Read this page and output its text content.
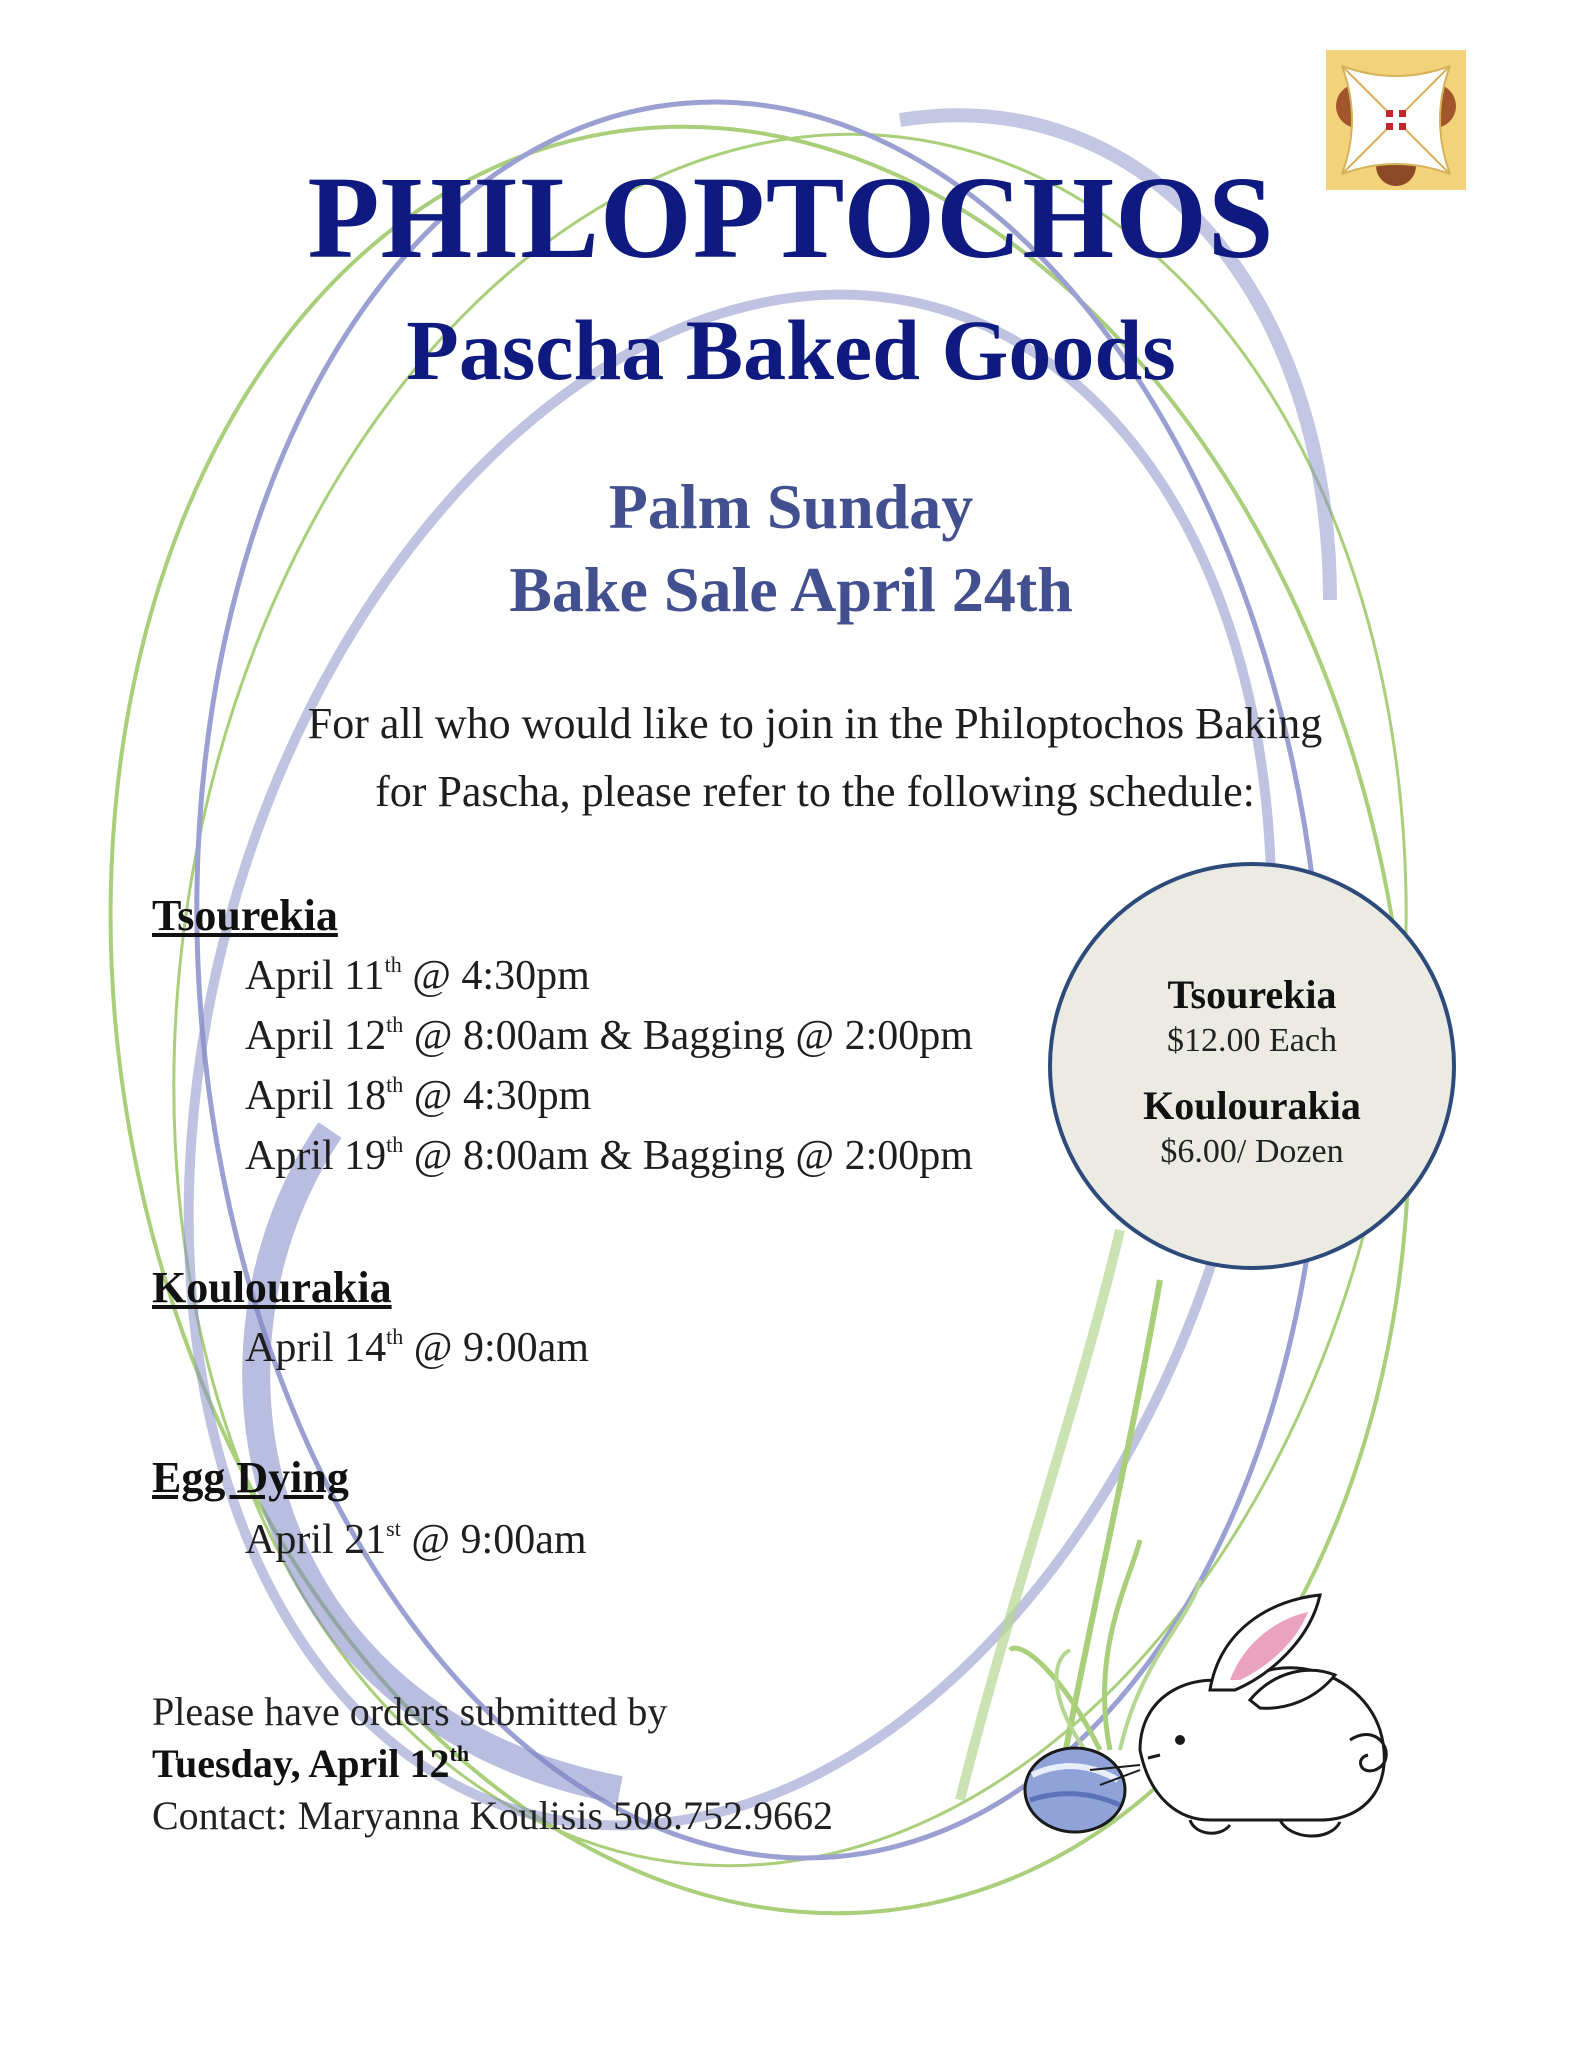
PHILOPTOCHOS
Pascha Baked Goods
Palm Sunday
Bake Sale April 24th
For all who would like to join in the Philoptochos Baking
for Pascha, please refer to the following schedule:
Tsourekia
April 11th @ 4:30pm
April 12th @ 8:00am & Bagging @ 2:00pm
April 18th @ 4:30pm
April 19th @ 8:00am & Bagging @ 2:00pm
Koulourakia
April 14th @ 9:00am
Egg Dying
April 21st @ 9:00am
Tsourekia
$12.00 Each
Koulourakia
$6.00/ Dozen
Please have orders submitted by
Tuesday, April 12th
Contact: Maryanna Koulisis 508.752.9662
